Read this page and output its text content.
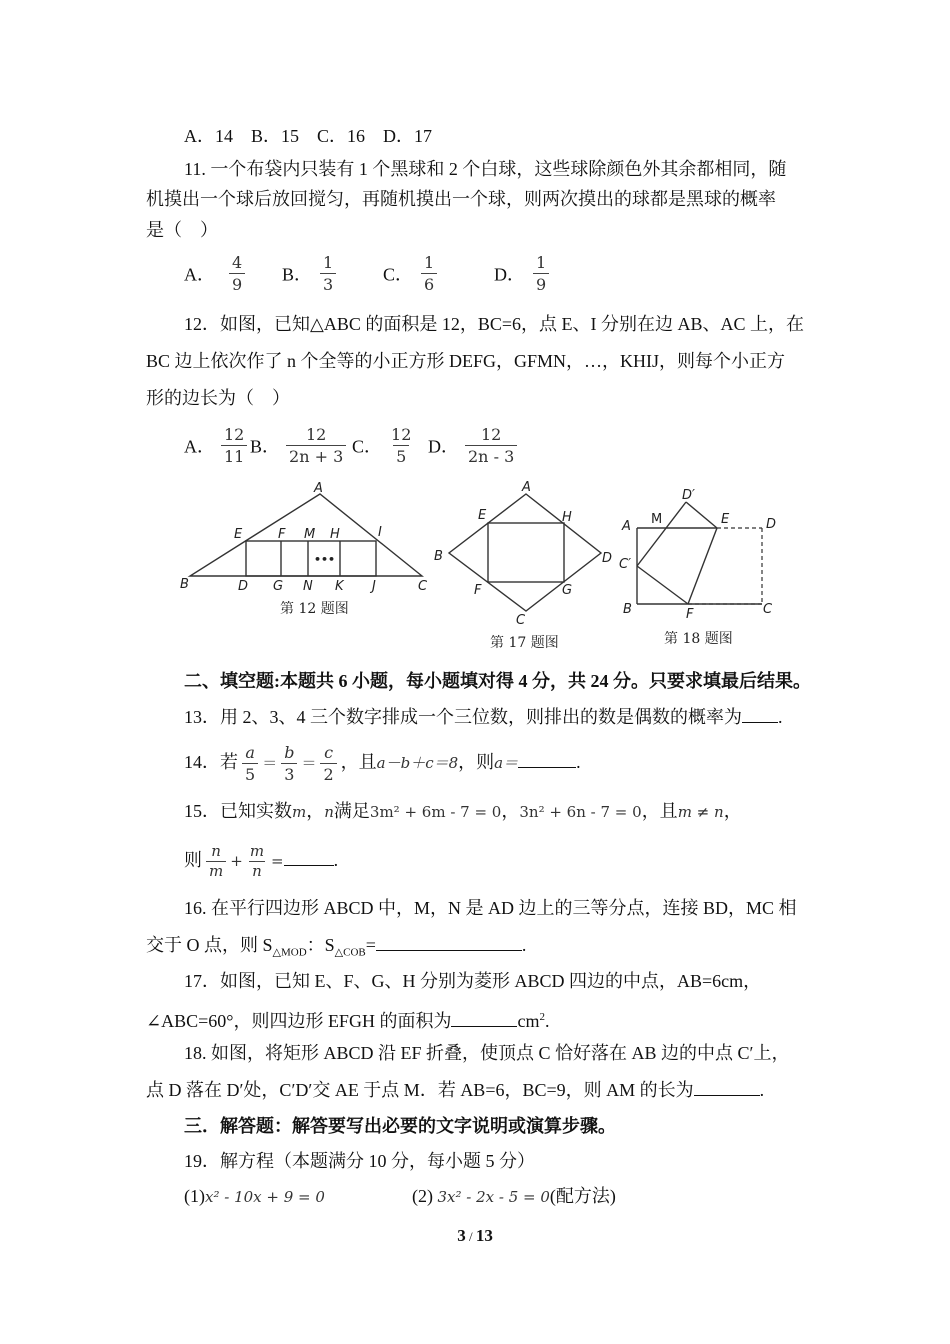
A．14　B．15　C．16　D．17
11. 一个布袋内只装有 1 个黑球和 2 个白球，这些球除颜色外其余都相同，随
机摸出一个球后放回搅匀，再随机摸出一个球，则两次摸出的球都是黑球的概率
是（　）
A． $\frac{4}{9}$ B． $\frac{1}{3}$	C． $\frac{1}{6}$	D． $\frac{1}{9}$
12．如图，已知△ABC 的面积是 12，BC=6，点 E、I 分别在边 AB、AC 上，在
BC 边上依次作了 n 个全等的小正方形 DEFG，GFMN，…，KHIJ，则每个小正方
形的边长为（　）
A． $\frac{12}{11}$ B． $\frac{12}{2n + 3}$ C． $\frac{12}{5}$ D． $\frac{12}{2n - 3}$
A
E	F M H	I
•••
B	D G N K J	C
A
E	H
B	D
F	G
C
D′
A M	E	D
C′
B	F	C
第 12 题图
第 17 题图	第 18 题图
二、填空题:本题共 6 小题，每小题填对得 4 分，共 24 分。只要求填最后结果。
13．用 2、3、4 三个数字排成一个三位数，则排出的数是偶数的概率为 .
14．若 $\frac{a}{5} = \frac{b}{3} = \frac{c}{2}$ ，且a－b＋c＝8，则a＝	.
15．已知实数m，n满足3m² + 6m - 7 = 0，3n² + 6n - 7 = 0，且m ≠ n，
则 $\frac{n}{m} + \frac{m}{n}$ =	.
16. 在平行四边形 ABCD 中，M，N 是 AD 边上的三等分点，连接 BD，MC 相
交于 O 点，则 $S_{\triangle MOD}$：$S_{\triangle COB}=$	.
17．如图，已知 E、F、G、H 分别为菱形 ABCD 四边的中点，AB=6cm，
∠ABC=60°，则四边形 EFGH 的面积为	$cm^2$.
18. 如图，将矩形 ABCD 沿 EF 折叠，使顶点 C 恰好落在 AB 边的中点 C′上，
点 D 落在 D′处，C′D′交 AE 于点 M．若 AB=6，BC=9，则 AM 的长为	.
三．解答题：解答要写出必要的文字说明或演算步骤。
19．解方程（本题满分 10 分，每小题 5 分）
(1)x² - 10x + 9 = 0	(2) 3x² - 2x - 5 = 0(配方法)
3 / 13
